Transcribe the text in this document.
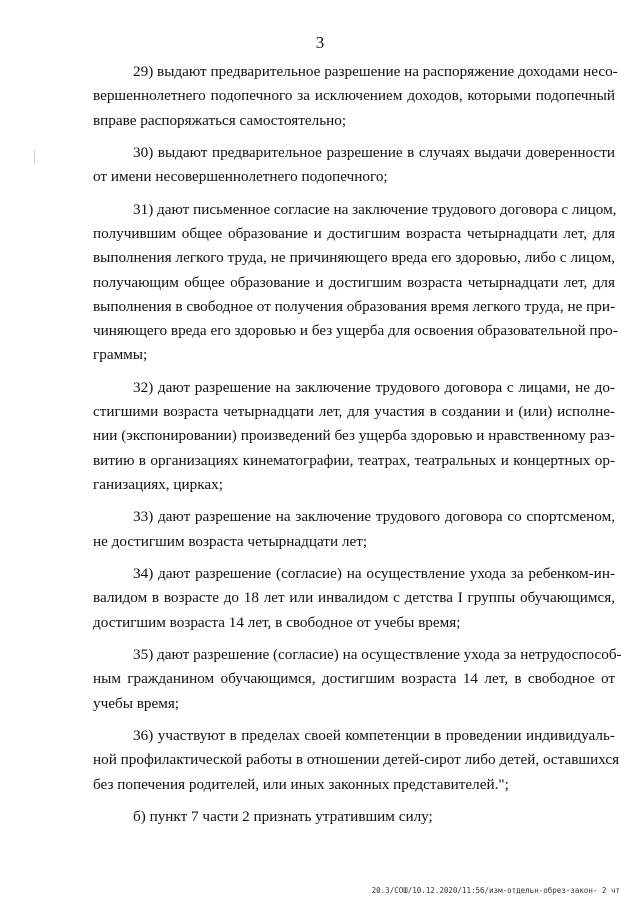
3
29) выдают предварительное разрешение на распоряжение доходами несо-
вершеннолетнего подопечного за исключением доходов, которыми подопечный
вправе распоряжаться самостоятельно;
30) выдают предварительное разрешение в случаях выдачи доверенности
от имени несовершеннолетнего подопечного;
31) дают письменное согласие на заключение трудового договора с лицом,
получившим общее образование и достигшим возраста четырнадцати лет, для
выполнения легкого труда, не причиняющего вреда его здоровью, либо с лицом,
получающим общее образование и достигшим возраста четырнадцати лет, для
выполнения в свободное от получения образования время легкого труда, не при-
чиняющего вреда его здоровью и без ущерба для освоения образовательной про-
граммы;
32) дают разрешение на заключение трудового договора с лицами, не до-
стигшими возраста четырнадцати лет, для участия в создании и (или) исполне-
нии (экспонировании) произведений без ущерба здоровью и нравственному раз-
витию в организациях кинематографии, театрах, театральных и концертных ор-
ганизациях, цирках;
33) дают разрешение на заключение трудового договора со спортсменом,
не достигшим возраста четырнадцати лет;
34) дают разрешение (согласие) на осуществление ухода за ребенком-ин-
валидом в возрасте до 18 лет или инвалидом с детства I группы обучающимся,
достигшим возраста 14 лет, в свободное от учебы время;
35) дают разрешение (согласие) на осуществление ухода за нетрудоспособ-
ным гражданином обучающимся, достигшим возраста 14 лет, в свободное от
учебы время;
36) участвуют в пределах своей компетенции в проведении индивидуаль-
ной профилактической работы в отношении детей-сирот либо детей, оставшихся
без попечения родителей, или иных законных представителей.";
б) пункт 7 части 2 признать утратившим силу;
20.3/СОШ/10.12.2020/11:56/изм-отдельн-обрез-закон- 2 чт
